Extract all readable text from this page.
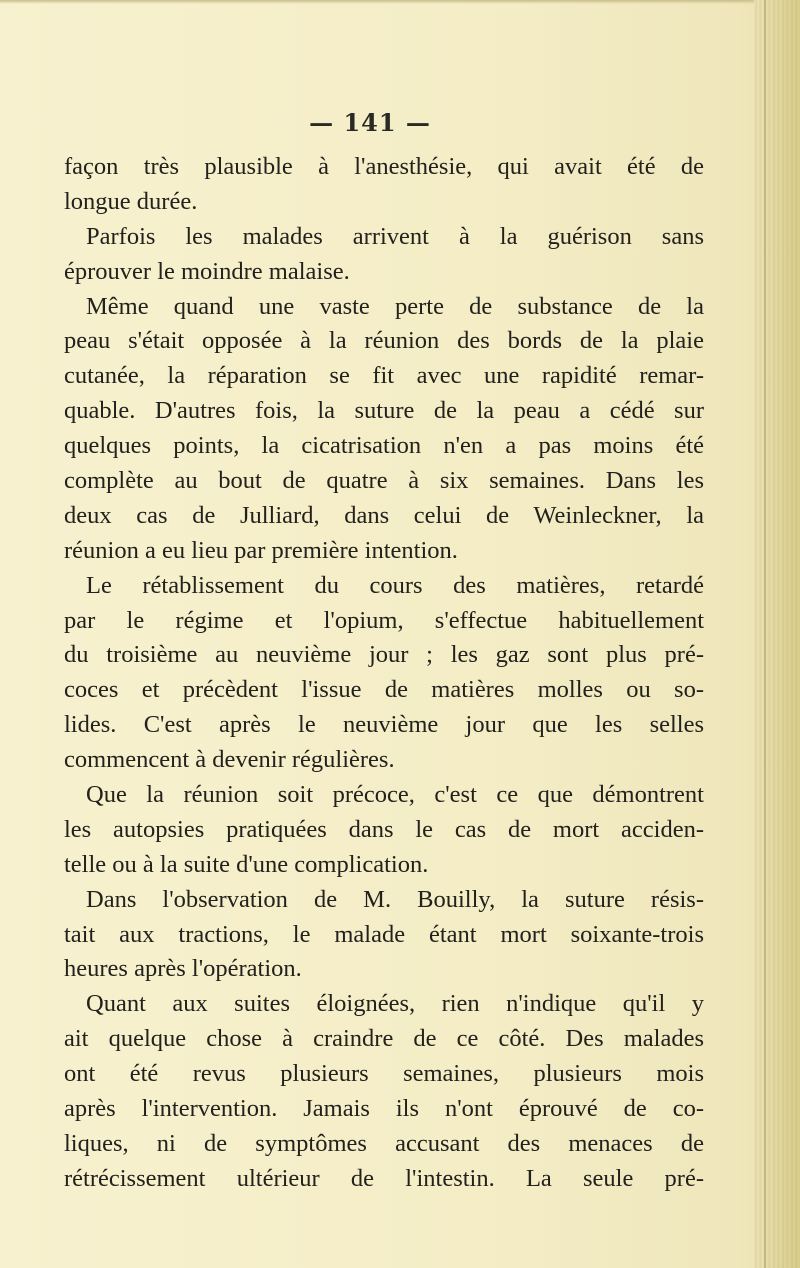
— 141 —
façon très plausible à l'anesthésie, qui avait été de
longue durée.
Parfois les malades arrivent à la guérison sans
éprouver le moindre malaise.
Même quand une vaste perte de substance de la
peau s'était opposée à la réunion des bords de la plaie
cutanée, la réparation se fit avec une rapidité remar-
quable. D'autres fois, la suture de la peau a cédé sur
quelques points, la cicatrisation n'en a pas moins été
complète au bout de quatre à six semaines. Dans les
deux cas de Julliard, dans celui de Weinleckner, la
réunion a eu lieu par première intention.
Le rétablissement du cours des matières, retardé
par le régime et l'opium, s'effectue habituellement
du troisième au neuvième jour ; les gaz sont plus pré-
coces et précèdent l'issue de matières molles ou so-
lides. C'est après le neuvième jour que les selles
commencent à devenir régulières.
Que la réunion soit précoce, c'est ce que démontrent
les autopsies pratiquées dans le cas de mort acciden-
telle ou à la suite d'une complication.
Dans l'observation de M. Bouilly, la suture résis-
tait aux tractions, le malade étant mort soixante-trois
heures après l'opération.
Quant aux suites éloignées, rien n'indique qu'il y
ait quelque chose à craindre de ce côté. Des malades
ont été revus plusieurs semaines, plusieurs mois
après l'intervention. Jamais ils n'ont éprouvé de co-
liques, ni de symptômes accusant des menaces de
rétrécissement ultérieur de l'intestin. La seule pré-
